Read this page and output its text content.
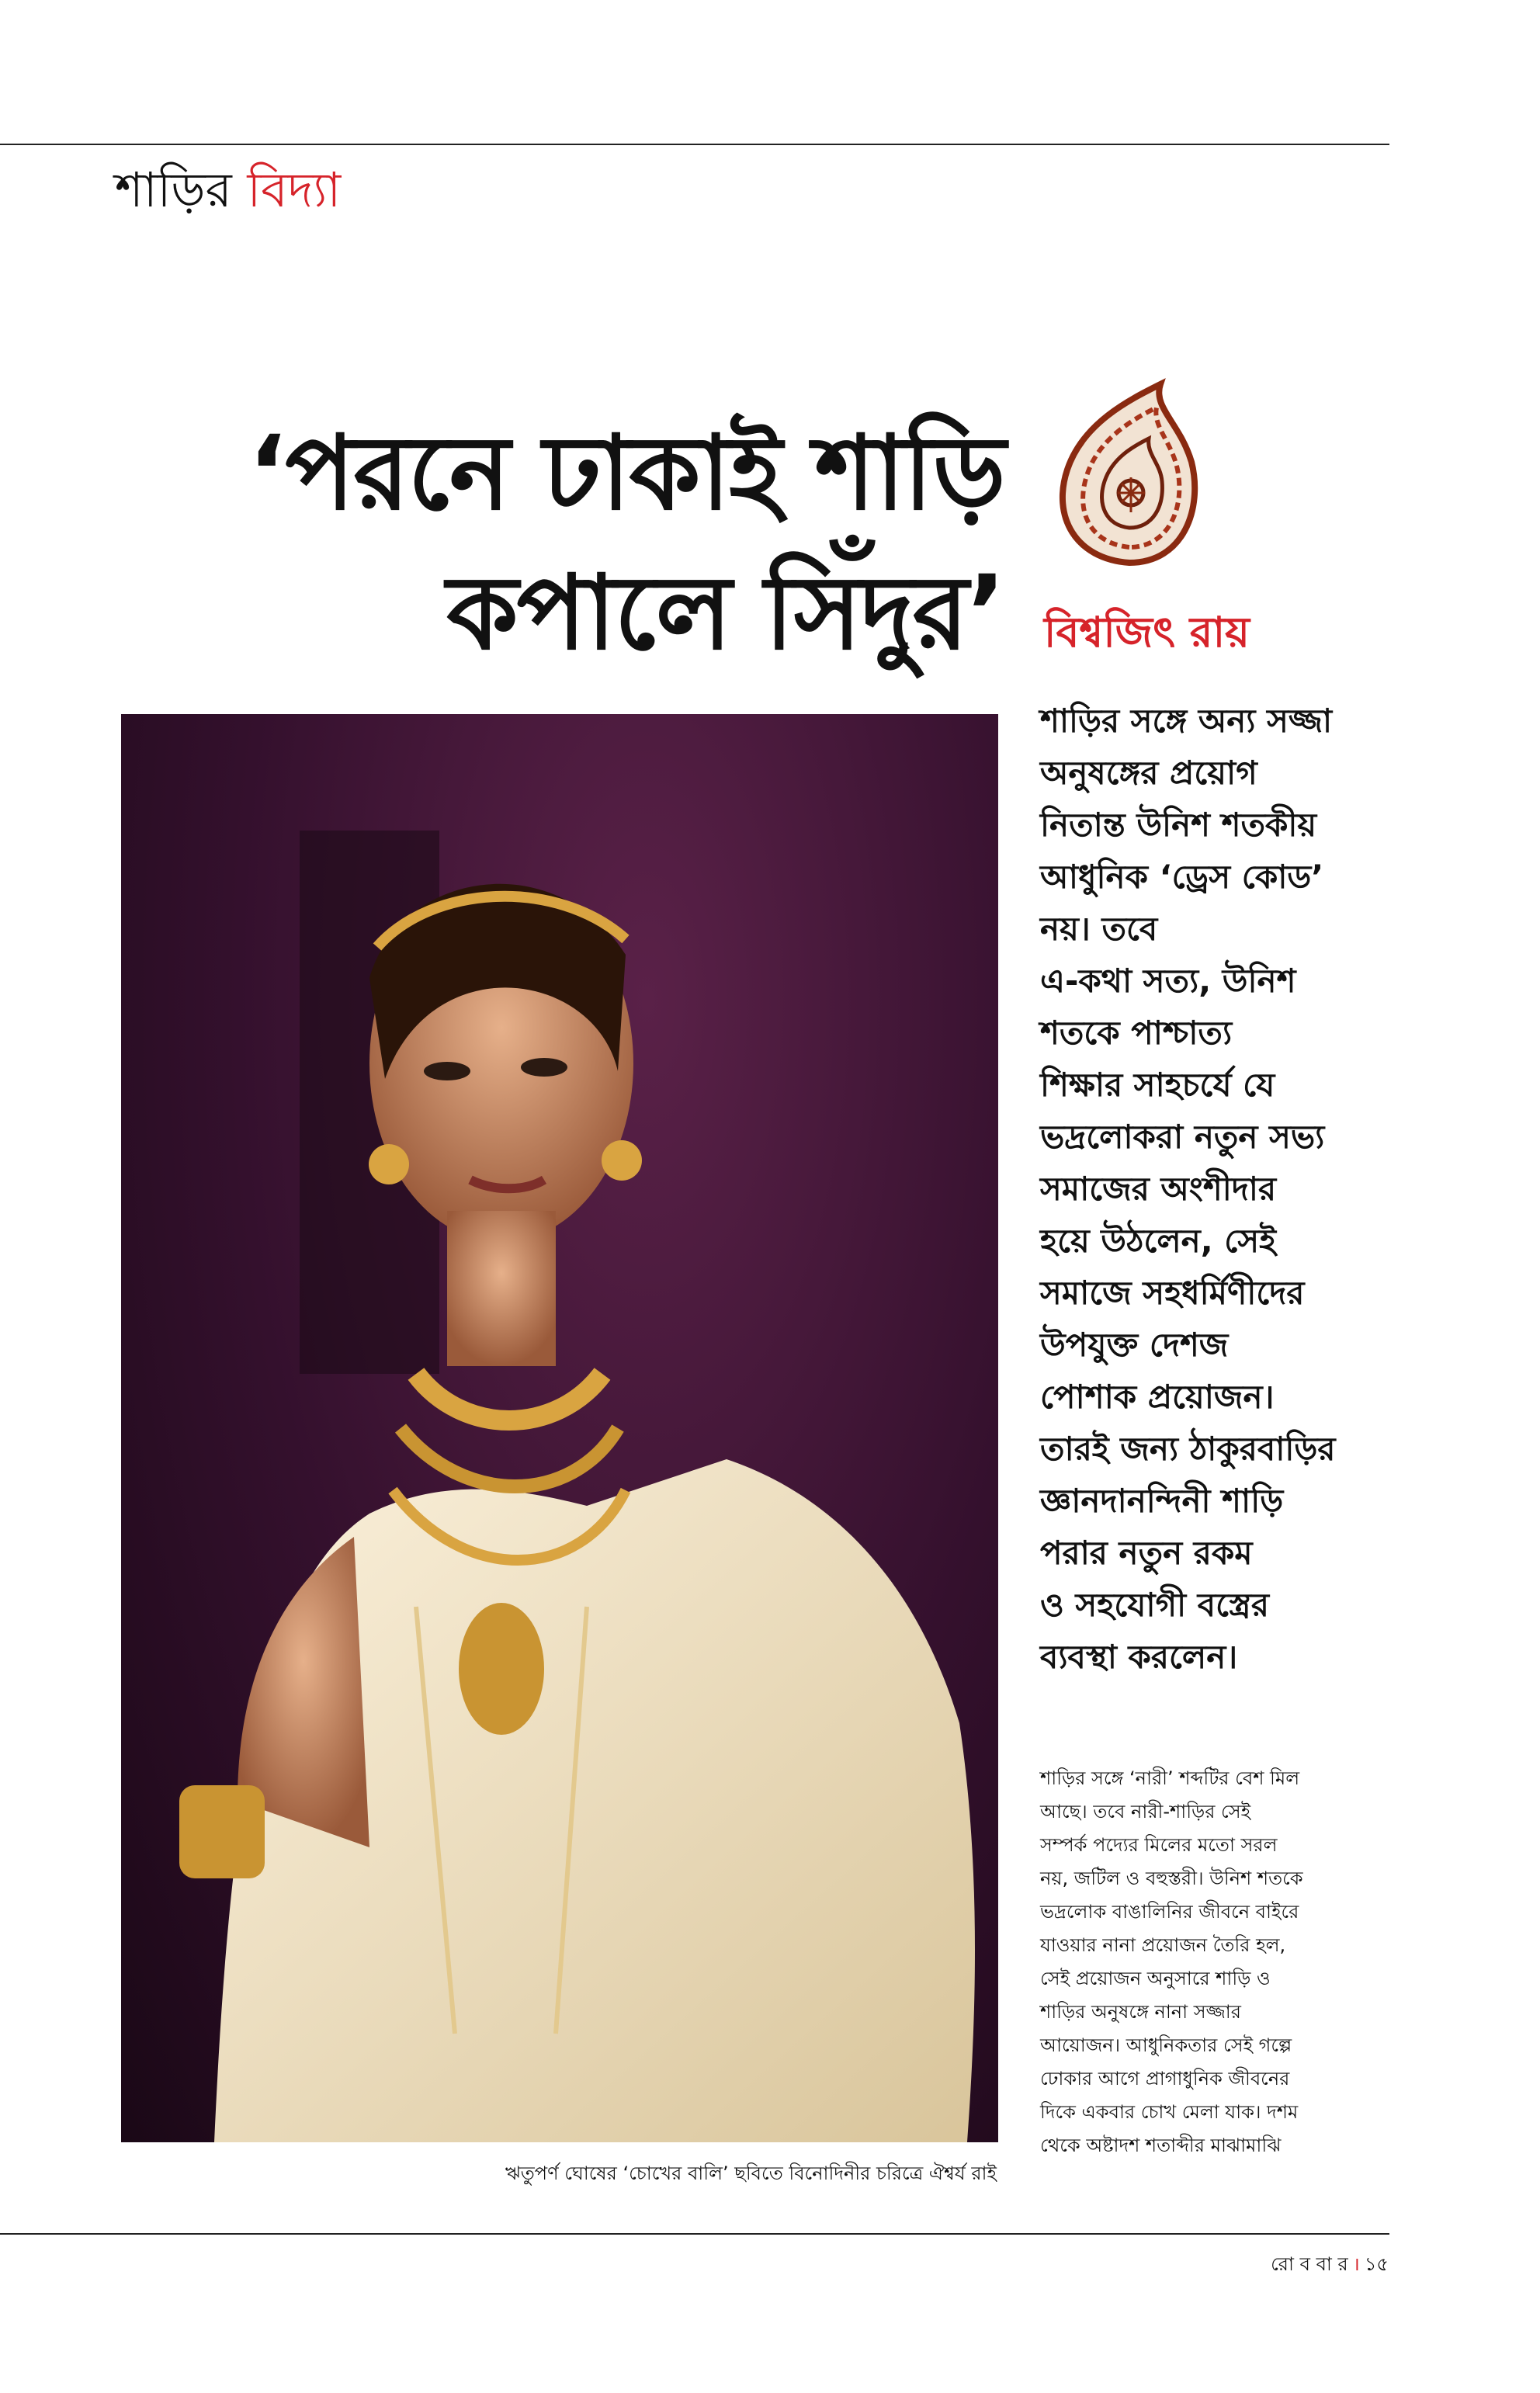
শাড়ির বিদ্যা
‘পরনে ঢাকাই শাড়ি
কপালে সিঁদুর’ বিশ্বজিৎ রায়
ঋতুপর্ণ ঘোষের ‘চোখের বালি’ ছবিতে বিনোদিনীর চরিত্রে ঐশ্বর্য রাই
শাড়ির সঙ্গে অন্য সজ্জা
অনুষঙ্গের প্রয়োগ
নিতান্ত উনিশ শতকীয়
আধুনিক ‘ড্রেস কোড’
নয়। তবে
এ-কথা সত্য, উনিশ
শতকে পাশ্চাত্য
শিক্ষার সাহচর্যে যে
ভদ্রলোকরা নতুন সভ্য
সমাজের অংশীদার
হয়ে উঠলেন, সেই
সমাজে সহধর্মিণীদের
উপযুক্ত দেশজ
পোশাক প্রয়োজন।
তারই জন্য ঠাকুরবাড়ির
জ্ঞানদানন্দিনী শাড়ি
পরার নতুন রকম
ও সহযোগী বস্ত্রের
ব্যবস্থা করলেন।
শাড়ির সঙ্গে ‘নারী’ শব্দটির বেশ মিল
আছে। তবে নারী-শাড়ির সেই
সম্পর্ক পদ্যের মিলের মতো সরল
নয়, জটিল ও বহুস্তরী। উনিশ শতকে
ভদ্রলোক বাঙালিনির জীবনে বাইরে
যাওয়ার নানা প্রয়োজন তৈরি হল,
সেই প্রয়োজন অনুসারে শাড়ি ও
শাড়ির অনুষঙ্গে নানা সজ্জার
আয়োজন। আধুনিকতার সেই গল্পে
ঢোকার আগে প্রাগাধুনিক জীবনের
দিকে একবার চোখ মেলা যাক। দশম
থেকে অষ্টাদশ শতাব্দীর মাঝামাঝি
রো ব বা র । ১৫
